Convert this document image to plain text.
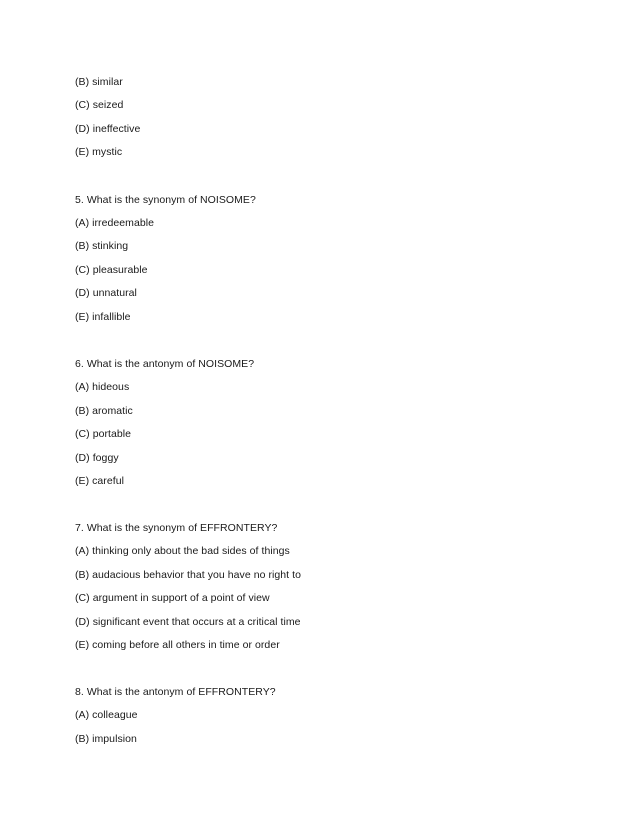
(B) similar
(C) seized
(D) ineffective
(E) mystic
5. What is the synonym of NOISOME?
(A) irredeemable
(B) stinking
(C) pleasurable
(D) unnatural
(E) infallible
6. What is the antonym of NOISOME?
(A) hideous
(B) aromatic
(C) portable
(D) foggy
(E) careful
7. What is the synonym of EFFRONTERY?
(A) thinking only about the bad sides of things
(B) audacious behavior that you have no right to
(C) argument in support of a point of view
(D) significant event that occurs at a critical time
(E) coming before all others in time or order
8. What is the antonym of EFFRONTERY?
(A) colleague
(B) impulsion
